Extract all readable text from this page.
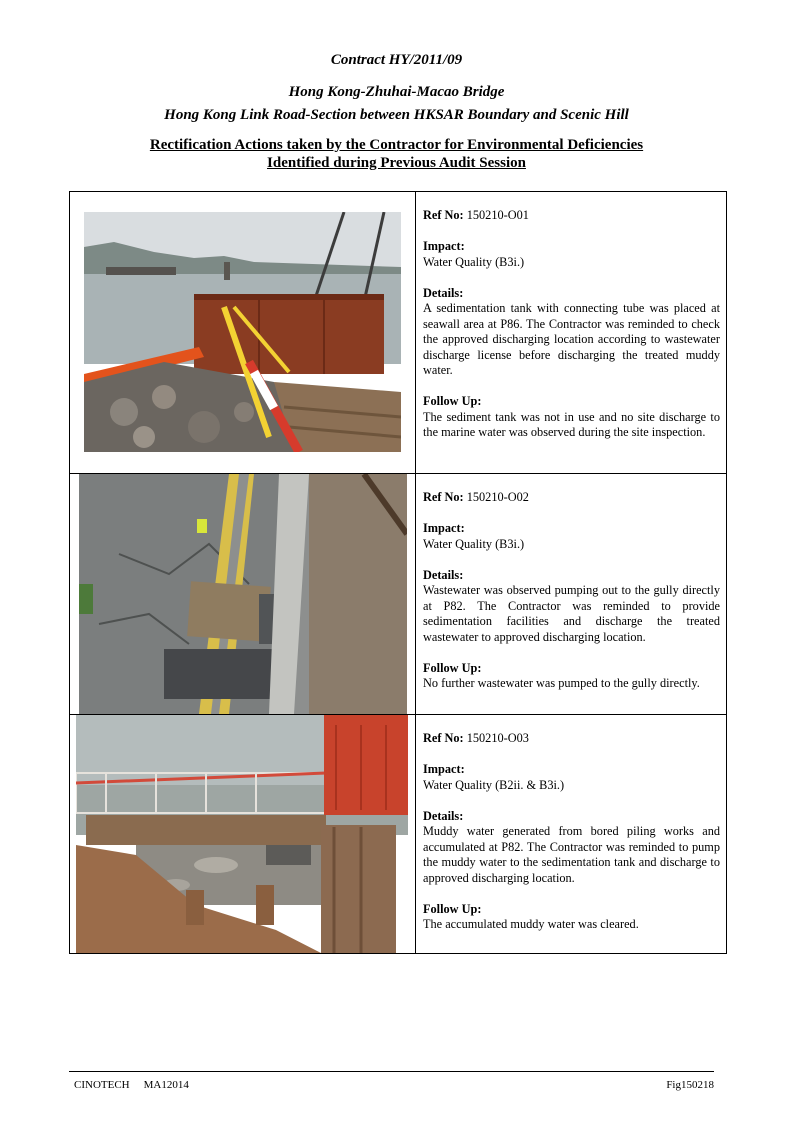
Contract HY/2011/09
Hong Kong-Zhuhai-Macao Bridge
Hong Kong Link Road-Section between HKSAR Boundary and Scenic Hill
Rectification Actions taken by the Contractor for Environmental Deficiencies
Identified during Previous Audit Session
Ref No: 150210-O01
Impact:
Water Quality (B3i.)
Details:
A sedimentation tank with connecting tube was placed at seawall area at P86. The Contractor was reminded to check the approved discharging location according to wastewater discharge license before discharging the treated muddy water.
Follow Up:
The sediment tank was not in use and no site discharge to the marine water was observed during the site inspection.
Ref No: 150210-O02
Impact:
Water Quality (B3i.)
Details:
Wastewater was observed pumping out to the gully directly at P82. The Contractor was reminded to provide sedimentation facilities and discharge the treated wastewater to approved discharging location.
Follow Up:
No further wastewater was pumped to the gully directly.
Ref No: 150210-O03
Impact:
Water Quality (B2ii. & B3i.)
Details:
Muddy water generated from bored piling works and accumulated at P82. The Contractor was reminded to pump the muddy water to the sedimentation tank and discharge to approved discharging location.
Follow Up:
The accumulated muddy water was cleared.
CINOTECH MA12014	Fig150218
